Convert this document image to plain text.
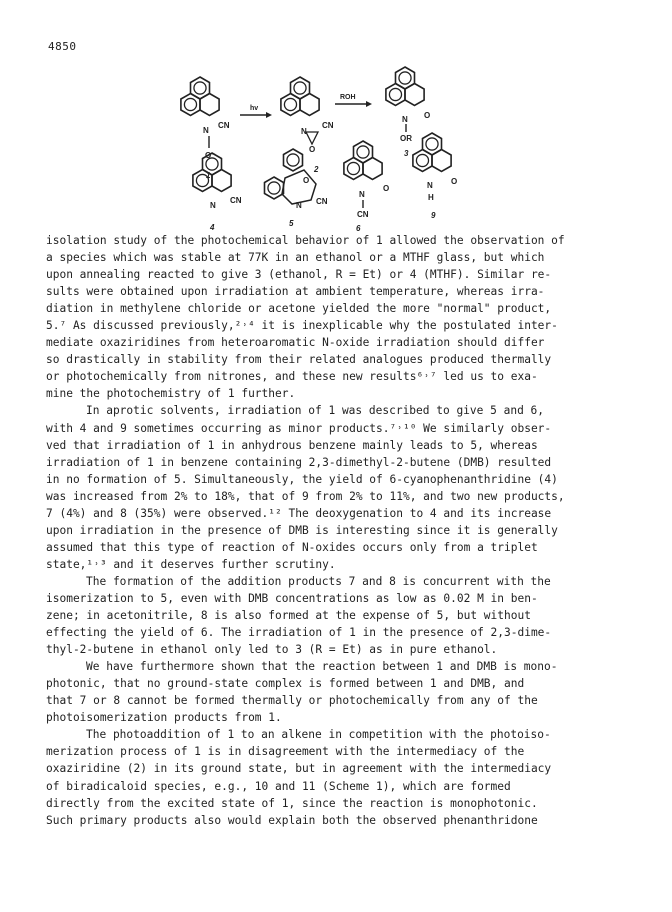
4850
N
CN
O⁻
1
hv
N
CN
O
2
ROH
N O
OR
3
N
CN
4
O
N CN
5
N
O
CN
6
N
H
O
9
isolation study of the photochemical behavior of 1 allowed the observation of
a species which was stable at 77K in an ethanol or a MTHF glass, but which
upon annealing reacted to give 3 (ethanol, R = Et) or 4 (MTHF). Similar re-
sults were obtained upon irradiation at ambient temperature, whereas irra-
diation in methylene chloride or acetone yielded the more "normal" product,
5.⁷ As discussed previously,²˒⁴ it is inexplicable why the postulated inter-
mediate oxaziridines from heteroaromatic N-oxide irradiation should differ
so drastically in stability from their related analogues produced thermally
or photochemically from nitrones, and these new results⁶˒⁷ led us to exa-
mine the photochemistry of 1 further.
In aprotic solvents, irradiation of 1 was described to give 5 and 6,
with 4 and 9 sometimes occurring as minor products.⁷˒¹⁰ We similarly obser-
ved that irradiation of 1 in anhydrous benzene mainly leads to 5, whereas
irradiation of 1 in benzene containing 2,3-dimethyl-2-butene (DMB) resulted
in no formation of 5. Simultaneously, the yield of 6-cyanophenanthridine (4)
was increased from 2% to 18%, that of 9 from 2% to 11%, and two new products,
7 (4%) and 8 (35%) were observed.¹² The deoxygenation to 4 and its increase
upon irradiation in the presence of DMB is interesting since it is generally
assumed that this type of reaction of N-oxides occurs only from a triplet
state,¹˒³ and it deserves further scrutiny.
The formation of the addition products 7 and 8 is concurrent with the
isomerization to 5, even with DMB concentrations as low as 0.02 M in ben-
zene; in acetonitrile, 8 is also formed at the expense of 5, but without
effecting the yield of 6. The irradiation of 1 in the presence of 2,3-dime-
thyl-2-butene in ethanol only led to 3 (R = Et) as in pure ethanol.
We have furthermore shown that the reaction between 1 and DMB is mono-
photonic, that no ground-state complex is formed between 1 and DMB, and
that 7 or 8 cannot be formed thermally or photochemically from any of the
photoisomerization products from 1.
The photoaddition of 1 to an alkene in competition with the photoiso-
merization process of 1 is in disagreement with the intermediacy of the
oxaziridine (2) in its ground state, but in agreement with the intermediacy
of biradicaloid species, e.g., 10 and 11 (Scheme 1), which are formed
directly from the excited state of 1, since the reaction is monophotonic.
Such primary products also would explain both the observed phenanthridone
